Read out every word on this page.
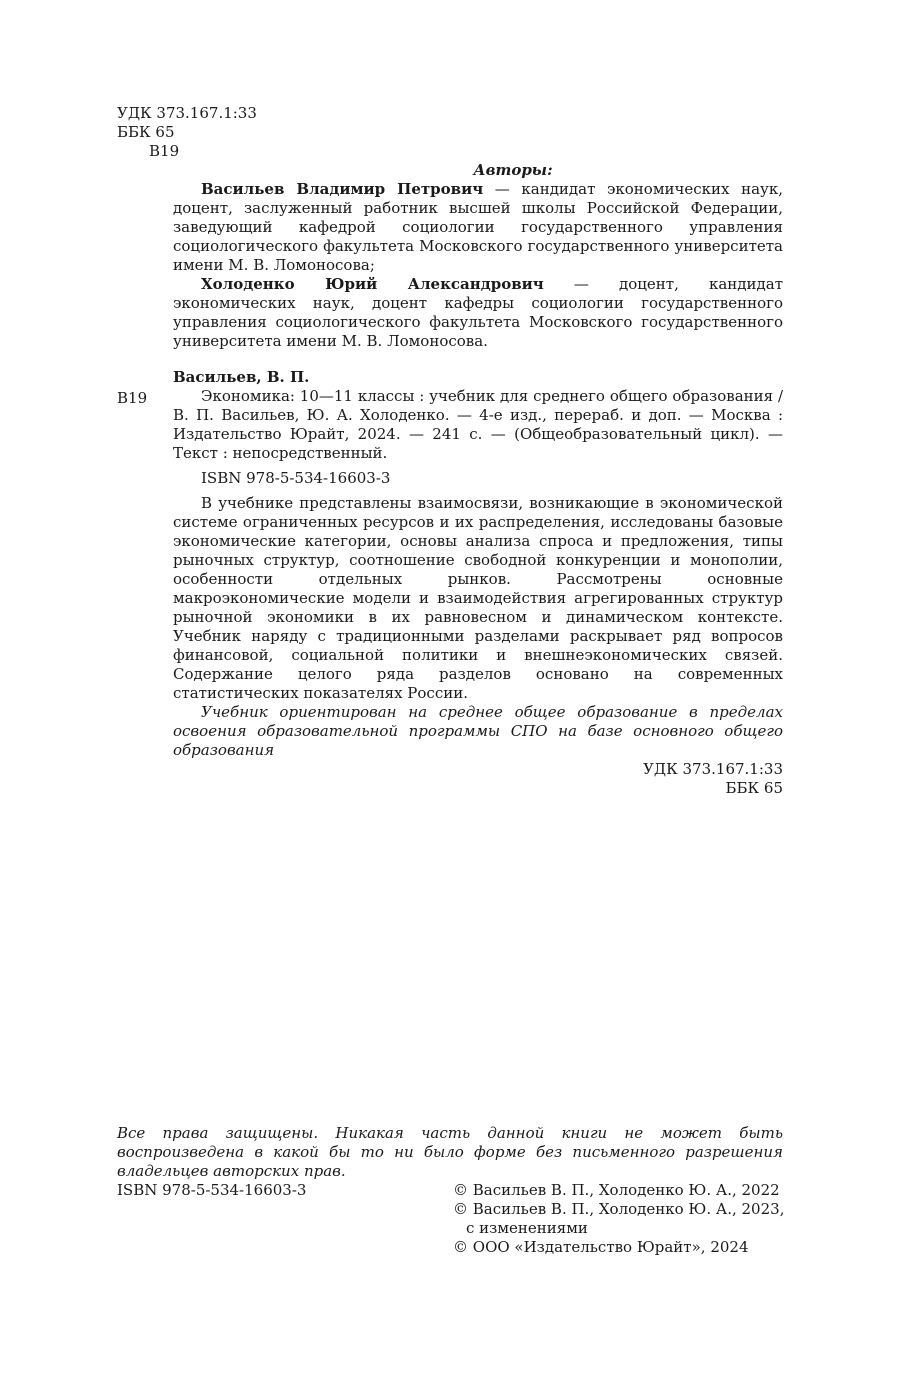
УДК 373.167.1:33
ББК 65
В19
Авторы:

Васильев Владимир Петрович — кандидат экономических наук, доцент, заслуженный работник высшей школы Российской Федерации, заведующий кафедрой социологии государственного управления социологического факультета Московского государственного университета имени М. В. Ломоносова;

Холоденко Юрий Александрович — доцент, кандидат экономических наук, доцент кафедры социологии государственного управления социологического факультета Московского государственного университета имени М. В. Ломоносова.

Васильев, В. П.
В19	Экономика: 10—11 классы : учебник для среднего общего образования / В. П. Васильев, Ю. А. Холоденко. — 4-е изд., перераб. и доп. — Москва : Издательство Юрайт, 2024. — 241 с. — (Общеобразовательный цикл). — Текст : непосредственный.

ISBN 978-5-534-16603-3

В учебнике представлены взаимосвязи, возникающие в экономической системе ограниченных ресурсов и их распределения, исследованы базовые экономические категории, основы анализа спроса и предложения, типы рыночных структур, соотношение свободной конкуренции и монополии, особенности отдельных рынков. Рассмотрены основные макроэкономические модели и взаимодействия агрегированных структур рыночной экономики в их равновесном и динамическом контексте. Учебник наряду с традиционными разделами раскрывает ряд вопросов финансовой, социальной политики и внешнеэкономических связей. Содержание целого ряда разделов основано на современных статистических показателях России.

Учебник ориентирован на среднее общее образование в пределах освоения образовательной программы СПО на базе основного общего образования

УДК 373.167.1:33
ББК 65
Все права защищены. Никакая часть данной книги не может быть воспроизведена в какой бы то ни было форме без письменного разрешения владельцев авторских прав.
ISBN 978-5-534-16603-3	© Васильев В. П., Холоденко Ю. А., 2022
© Васильев В. П., Холоденко Ю. А., 2023,
с изменениями
© ООО «Издательство Юрайт», 2024
